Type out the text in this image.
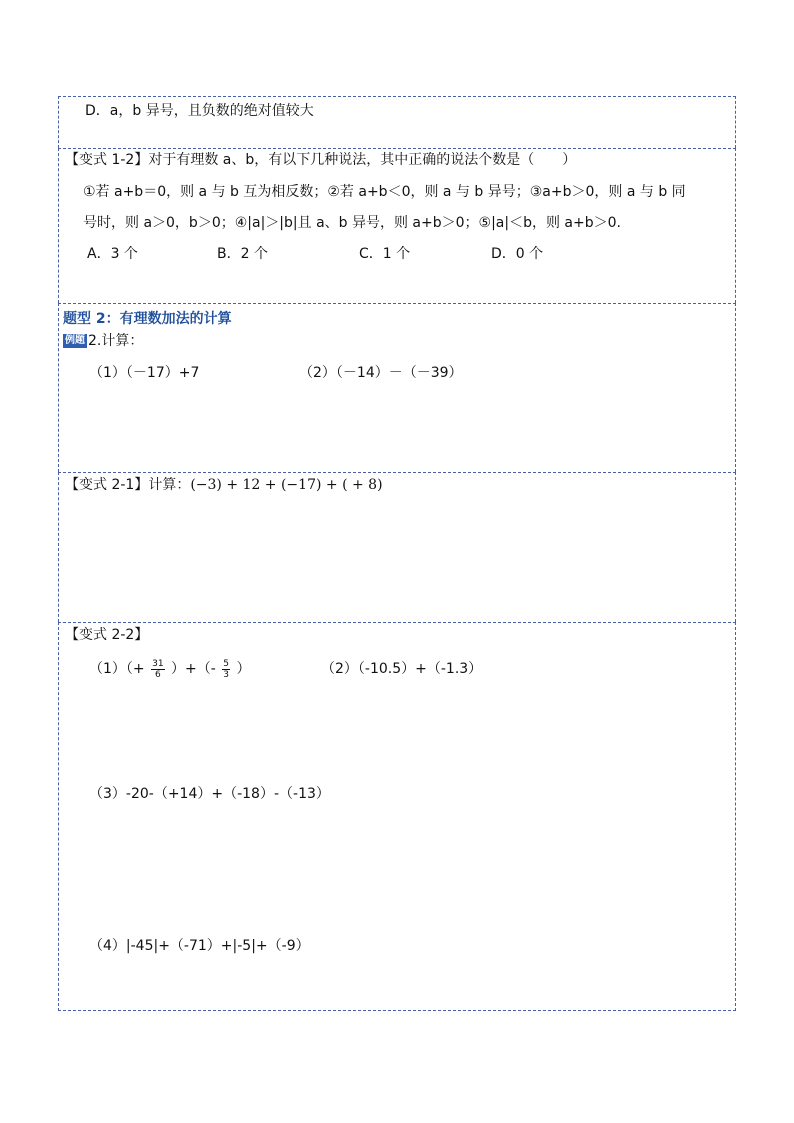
D．a，b 异号，且负数的绝对值较大
【变式 1-2】对于有理数 a、b，有以下几种说法，其中正确的说法个数是（　　）
①若 a+b＝0，则 a 与 b 互为相反数；②若 a+b＜0，则 a 与 b 异号；③a+b＞0，则 a 与 b 同
号时，则 a＞0，b＞0；④|a|＞|b|且 a、b 异号，则 a+b＞0；⑤|a|＜b，则 a+b＞0.
A．3 个	B．2 个	C．1 个	D．0 个
题型 2：有理数加法的计算
例题 2.计算：
（1）（－17）+7	（2）（－14）－（－39）
【变式 2-1】计算：(−3) + 12 + (−17) + ( + 8)
【变式 2-2】
$(1)(+ \frac{31}{6}$ ）+（- $\frac{5}{3}$ ）	（2）（-10.5）+（-1.3）
（3）-20-（+14）+（-18）-（-13）
（4）|-45|+（-71）+|-5|+（-9）
